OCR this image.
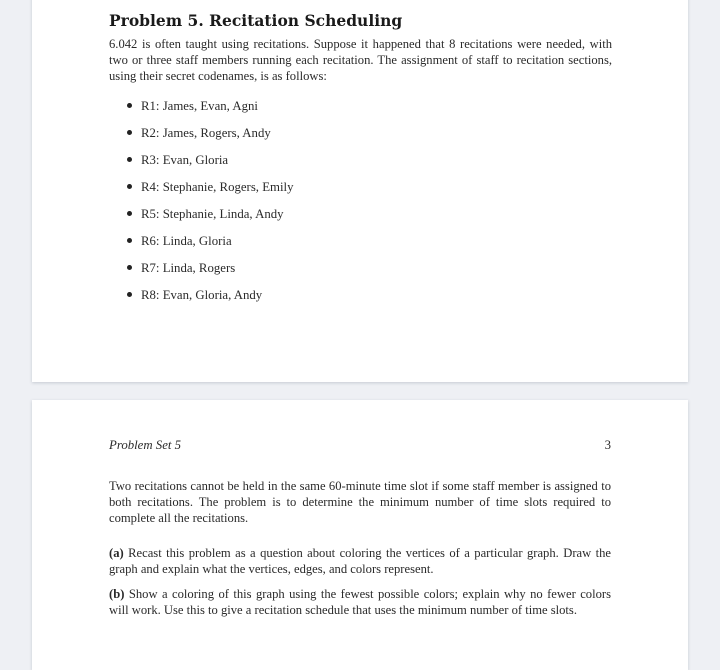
Problem 5. Recitation Scheduling

6.042 is often taught using recitations. Suppose it happened that 8 recitations were needed, with two or three staff members running each recitation. The assignment of staff to recitation sections, using their secret codenames, is as follows:

R1: James, Evan, Agni
R2: James, Rogers, Andy
R3: Evan, Gloria
R4: Stephanie, Rogers, Emily
R5: Stephanie, Linda, Andy
R6: Linda, Gloria
R7: Linda, Rogers
R8: Evan, Gloria, Andy
Problem Set 5	3

Two recitations cannot be held in the same 60-minute time slot if some staff member is assigned to both recitations. The problem is to determine the minimum number of time slots required to complete all the recitations.

(a) Recast this problem as a question about coloring the vertices of a particular graph. Draw the graph and explain what the vertices, edges, and colors represent.

(b) Show a coloring of this graph using the fewest possible colors; explain why no fewer colors will work. Use this to give a recitation schedule that uses the minimum number of time slots.
